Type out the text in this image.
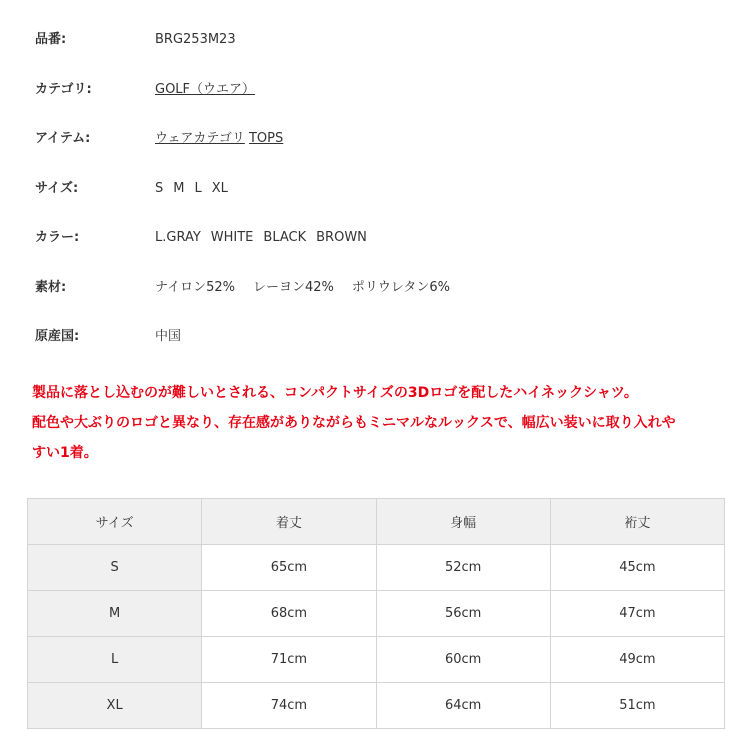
品番:	BRG253M23
カテゴリ:	GOLF（ウエア）
アイテム:	ウェアカテゴリ TOPS
サイズ:	S M L XL
カラー:	L.GRAY WHITE BLACK BROWN
素材:	ナイロン52% レーヨン42% ポリウレタン6%
原産国:	中国

製品に落とし込むのが難しいとされる、コンパクトサイズの3Dロゴを配したハイネックシャツ。

配色や大ぶりのロゴと異なり、存在感がありながらもミニマルなルックスで、幅広い装いに取り入れや

すい1着。

サイズ	着丈	身幅	裄丈
S	65cm	52cm	45cm
M	68cm	56cm	47cm
L	71cm	60cm	49cm
XL	74cm	64cm	51cm
